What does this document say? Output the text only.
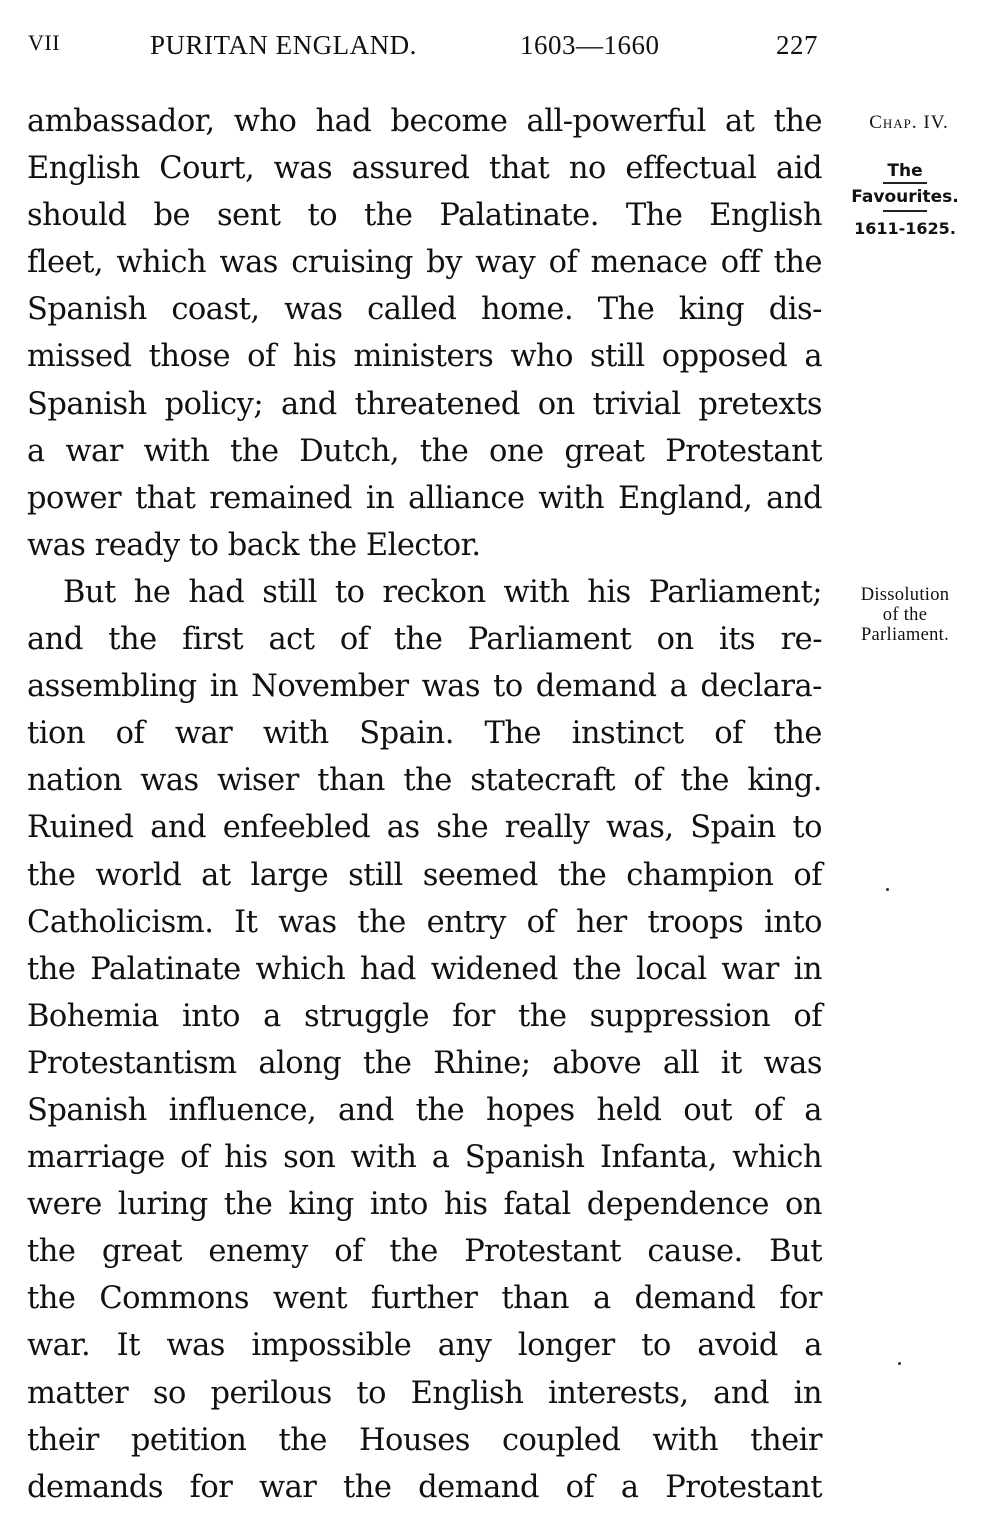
VII	PURITAN ENGLAND.	1603—1660	227
ambassador, who had become all-powerful at the
English Court, was assured that no effectual aid
should be sent to the Palatinate. The English
fleet, which was cruising by way of menace off the
Spanish coast, was called home. The king dis-
missed those of his ministers who still opposed a
Spanish policy; and threatened on trivial pretexts
a war with the Dutch, the one great Protestant
power that remained in alliance with England, and
was ready to back the Elector.
But he had still to reckon with his Parliament;
and the first act of the Parliament on its re-
assembling in November was to demand a declara-
tion of war with Spain. The instinct of the
nation was wiser than the statecraft of the king.
Ruined and enfeebled as she really was, Spain to
the world at large still seemed the champion of
Catholicism. It was the entry of her troops into
the Palatinate which had widened the local war in
Bohemia into a struggle for the suppression of
Protestantism along the Rhine; above all it was
Spanish influence, and the hopes held out of a
marriage of his son with a Spanish Infanta, which
were luring the king into his fatal dependence on
the great enemy of the Protestant cause. But
the Commons went further than a demand for
war. It was impossible any longer to avoid a
matter so perilous to English interests, and in
their petition the Houses coupled with their
demands for war the demand of a Protestant
Chap. IV.
The
Favourites.
1611-1625.
Dissolution
of the
Parliament.
